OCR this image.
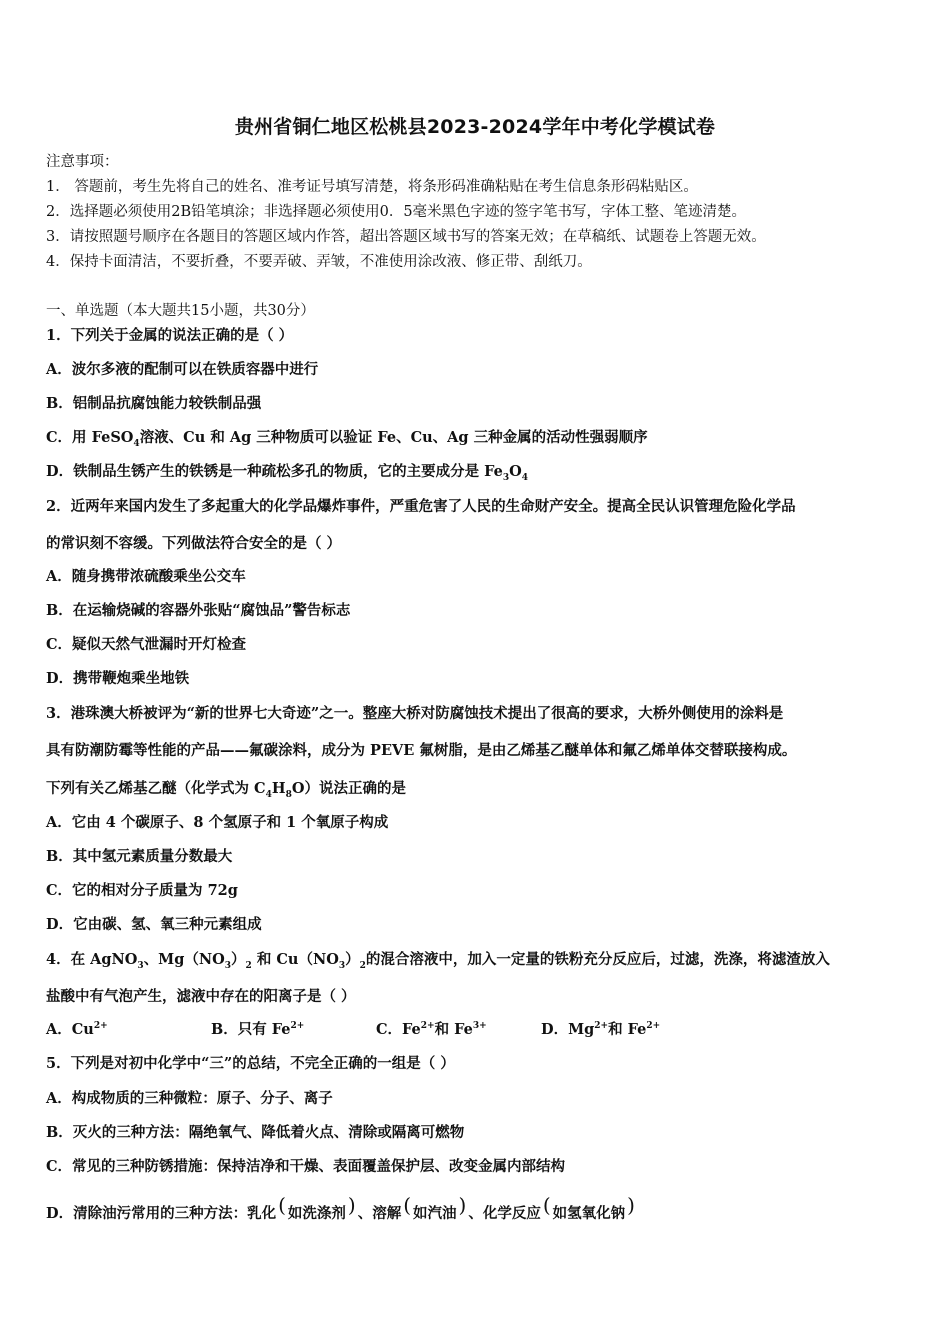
贵州省铜仁地区松桃县2023-2024学年中考化学模试卷
注意事项：
1． 答题前，考生先将自己的姓名、准考证号填写清楚，将条形码准确粘贴在考生信息条形码粘贴区。
2．选择题必须使用2B铅笔填涂；非选择题必须使用0．5毫米黑色字迹的签字笔书写，字体工整、笔迹清楚。
3．请按照题号顺序在各题目的答题区域内作答，超出答题区域书写的答案无效；在草稿纸、试题卷上答题无效。
4．保持卡面清洁，不要折叠，不要弄破、弄皱，不准使用涂改液、修正带、刮纸刀。
一、单选题（本大题共15小题，共30分）
1．下列关于金属的说法正确的是（ ）
A．波尔多液的配制可以在铁质容器中进行
B．铝制品抗腐蚀能力较铁制品强
C．用 FeSO$_4$溶液、Cu 和 Ag 三种物质可以验证 Fe、Cu、Ag 三种金属的活动性强弱顺序
D．铁制品生锈产生的铁锈是一种疏松多孔的物质，它的主要成分是 $Fe_3O_4$
2．近两年来国内发生了多起重大的化学品爆炸事件，严重危害了人民的生命财产安全。提高全民认识管理危险化学品
的常识刻不容缓。下列做法符合安全的是（ ）
A．随身携带浓硫酸乘坐公交车
B．在运输烧碱的容器外张贴“腐蚀品”警告标志
C．疑似天然气泄漏时开灯检查
D．携带鞭炮乘坐地铁
3．港珠澳大桥被评为“新的世界七大奇迹”之一。整座大桥对防腐蚀技术提出了很高的要求，大桥外侧使用的涂料是
具有防潮防霉等性能的产品——氟碳涂料，成分为 PEVE 氟树脂，是由乙烯基乙醚单体和氟乙烯单体交替联接构成。
下列有关乙烯基乙醚（化学式为 $C_4H_8O$）说法正确的是
A．它由 4 个碳原子、8 个氢原子和 1 个氧原子构成
B．其中氢元素质量分数最大
C．它的相对分子质量为 72g
D．它由碳、氢、氧三种元素组成
4．在 AgNO$_3$、$Mg(NO_3)_2$ 和 $Cu(NO_3)_2$的混合溶液中，加入一定量的铁粉充分反应后，过滤，洗涤，将滤渣放入
盐酸中有气泡产生，滤液中存在的阳离子是（ ）
A．$Cu^{2+}$	B．只有 $Fe^{2+}$	C．$Fe^{2+}$和 $Fe^{3+}$	D．$Mg^{2+}$和 $Fe^{2+}$
5．下列是对初中化学中“三”的总结，不完全正确的一组是（ ）
A．构成物质的三种微粒：原子、分子、离子
B．灭火的三种方法：隔绝氧气、降低着火点、清除或隔离可燃物
C．常见的三种防锈措施：保持洁净和干燥、表面覆盖保护层、改变金属内部结构
D．清除油污常用的三种方法：乳化 ( 如洗涤剂 ) 、溶解 ( 如汽油 ) 、化学反应 ( 如氢氧化钠 )
